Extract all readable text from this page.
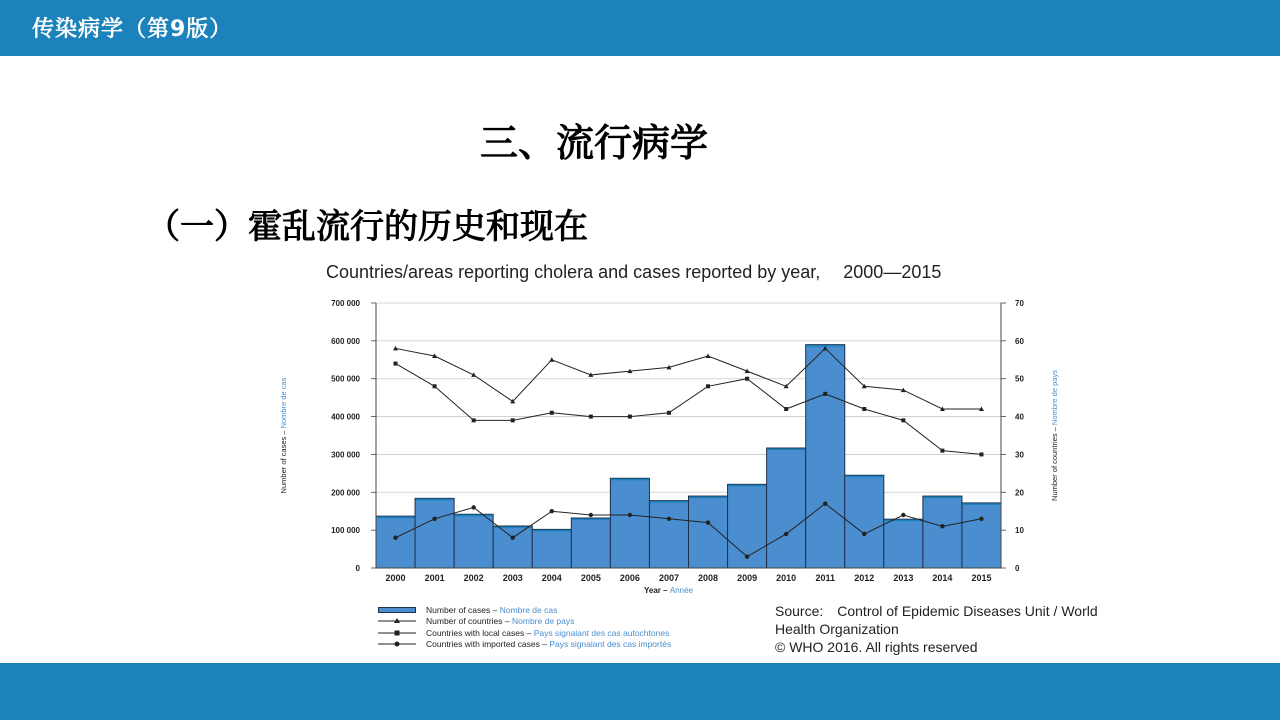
传染病学（第9版）
三、流行病学
（一）霍乱流行的历史和现在
Countries/areas reporting cholera and cases reported by year,　 2000—2015
0	0
100 000	10
200 000	20
300 000	30
400 000	40
500 000	50
600 000	60
700 000	70
2000 2001 2002 2003 2004 2005 2006 2007 2008 2009 2010 2011 2012 2013 2014 2015
Year – Année
Number of cases – Nombre de cas
Number of countries – Nombre de pays
Number of cases – Nombre de cas
Number of countries – Nombre de pays
Countries with local cases – Pays signalant des cas autochtones
Countries with imported cases – Pays signalant des cas importés
Source:　Control of Epidemic Diseases Unit / World Health Organization
© WHO 2016. All rights reserved
